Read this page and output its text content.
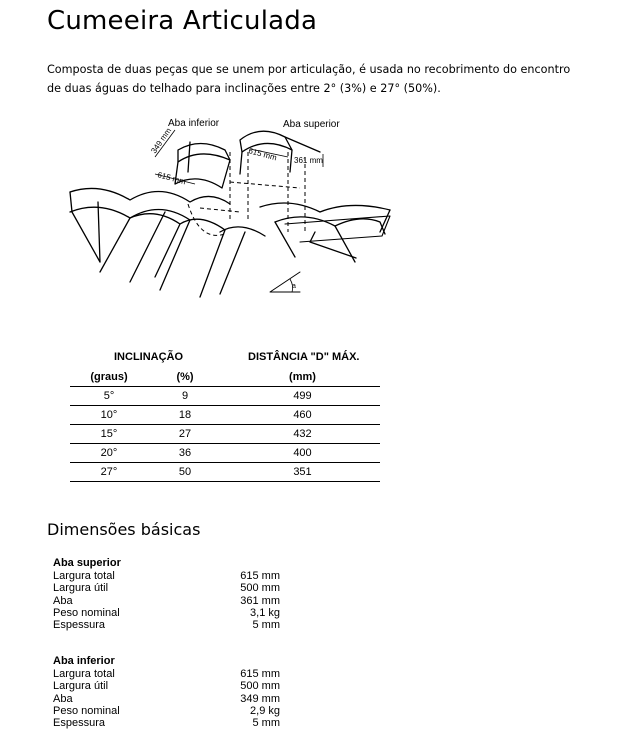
Cumeeira Articulada
Composta de duas peças que se unem por articulação, é usada no recobrimento do encontro
de duas águas do telhado para inclinações entre 2° (3%) e 27° (50%).
Aba inferior	Aba superior
615 mm 361 mm
349 mm
615 mm
a
INCLINAÇÃO	DISTÂNCIA "D" MÁX.
(graus)	(%)	(mm)
5°	9	499
10°	18	460
15°	27	432
20°	36	400
27°	50	351
Dimensões básicas
Aba superior
Largura total	615 mm
Largura útil	500 mm
Aba	361 mm
Peso nominal	3,1 kg
Espessura	5 mm
Aba inferior
Largura total	615 mm
Largura útil	500 mm
Aba	349 mm
Peso nominal	2,9 kg
Espessura	5 mm
